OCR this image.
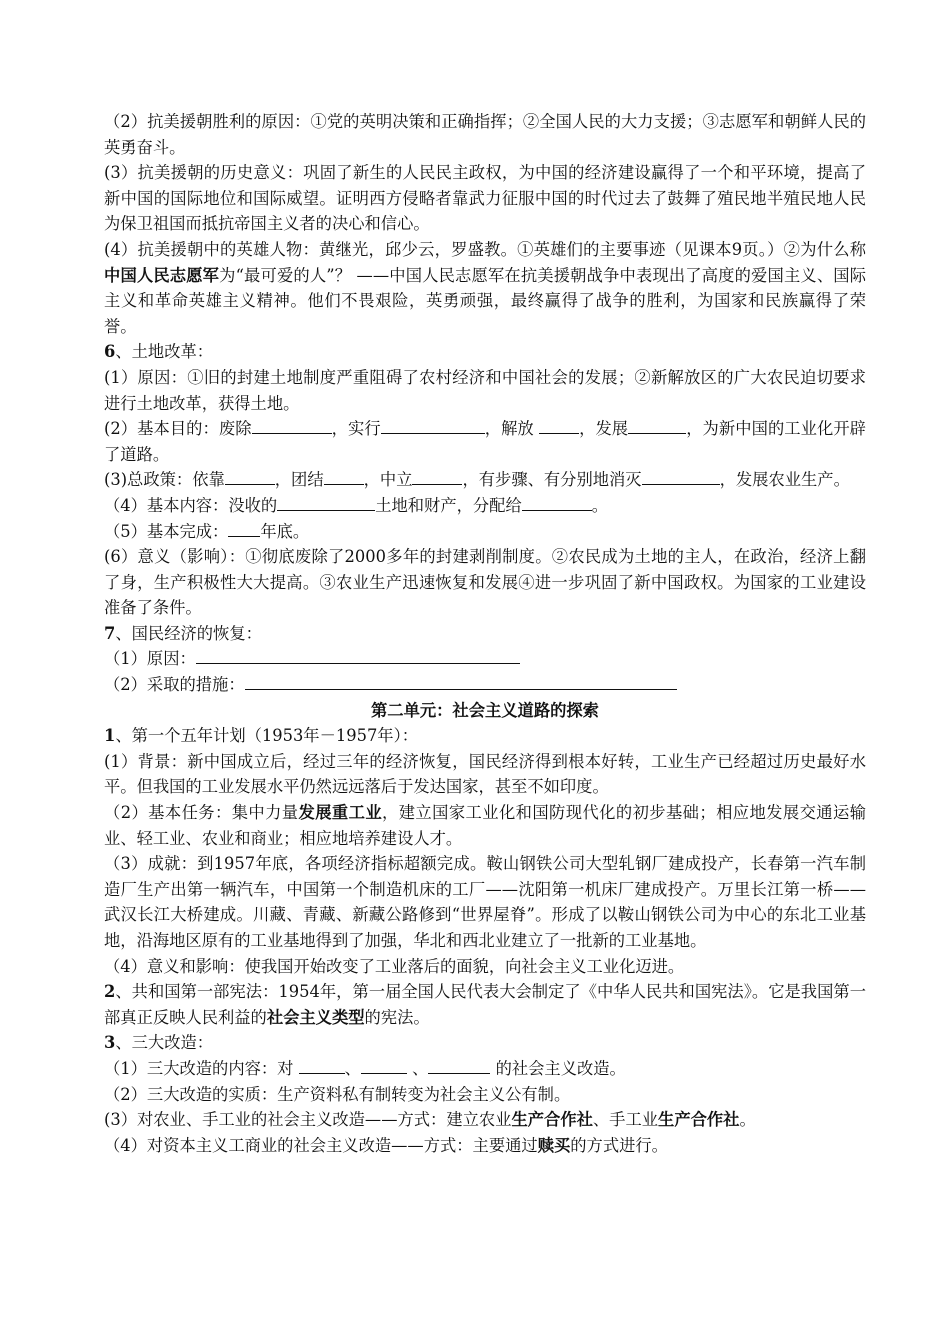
（2）抗美援朝胜利的原因：①党的英明决策和正确指挥；②全国人民的大力支援；③志愿军和朝鲜人民的英勇奋斗。

(3）抗美援朝的历史意义：巩固了新生的人民民主政权，为中国的经济建设赢得了一个和平环境，提高了新中国的国际地位和国际威望。证明西方侵略者靠武力征服中国的时代过去了鼓舞了殖民地半殖民地人民为保卫祖国而抵抗帝国主义者的决心和信心。

(4）抗美援朝中的英雄人物：黄继光，邱少云，罗盛教。①英雄们的主要事迹（见课本9页。）②为什么称中国人民志愿军为“最可爱的人”？ ——中国人民志愿军在抗美援朝战争中表现出了高度的爱国主义、国际主义和革命英雄主义精神。他们不畏艰险，英勇顽强，最终赢得了战争的胜利，为国家和民族赢得了荣誉。

6、土地改革：

(1）原因：①旧的封建土地制度严重阻碍了农村经济和中国社会的发展；②新解放区的广大农民迫切要求进行土地改革，获得土地。

(2）基本目的：废除	，实行	，解放 ，发展	，为新中国的工业化开辟了道路。

(3)总政策：依靠	，团结 ，中立	，有步骤、有分别地消灭	，发展农业生产。

（4）基本内容：没收的	土地和财产，分配给	。

（5）基本完成： 年底。

(6）意义（影响）：①彻底废除了2000多年的封建剥削制度。②农民成为土地的主人，在政治，经济上翻了身，生产积极性大大提高。③农业生产迅速恢复和发展④进一步巩固了新中国政权。为国家的工业建设准备了条件。

7、国民经济的恢复：

（1）原因：

（2）采取的措施：

第二单元：社会主义道路的探索

1、第一个五年计划（1953年－1957年）：

(1）背景：新中国成立后，经过三年的经济恢复，国民经济得到根本好转，工业生产已经超过历史最好水平。但我国的工业发展水平仍然远远落后于发达国家，甚至不如印度。

（2）基本任务：集中力量发展重工业，建立国家工业化和国防现代化的初步基础；相应地发展交通运输业、轻工业、农业和商业；相应地培养建设人才。

（3）成就：到1957年底，各项经济指标超额完成。鞍山钢铁公司大型轧钢厂建成投产，长春第一汽车制造厂生产出第一辆汽车，中国第一个制造机床的工厂——沈阳第一机床厂建成投产。万里长江第一桥——武汉长江大桥建成。川藏、青藏、新藏公路修到“世界屋脊”。形成了以鞍山钢铁公司为中心的东北工业基地，沿海地区原有的工业基地得到了加强，华北和西北业建立了一批新的工业基地。

（4）意义和影响：使我国开始改变了工业落后的面貌，向社会主义工业化迈进。

2、共和国第一部宪法：1954年，第一届全国人民代表大会制定了《中华人民共和国宪法》。它是我国第一部真正反映人民利益的社会主义类型的宪法。

3、三大改造：

（1）三大改造的内容：对	、	、	的社会主义改造。

（2）三大改造的实质：生产资料私有制转变为社会主义公有制。

(3）对农业、手工业的社会主义改造——方式：建立农业生产合作社、手工业生产合作社。

（4）对资本主义工商业的社会主义改造——方式：主要通过赎买的方式进行。
